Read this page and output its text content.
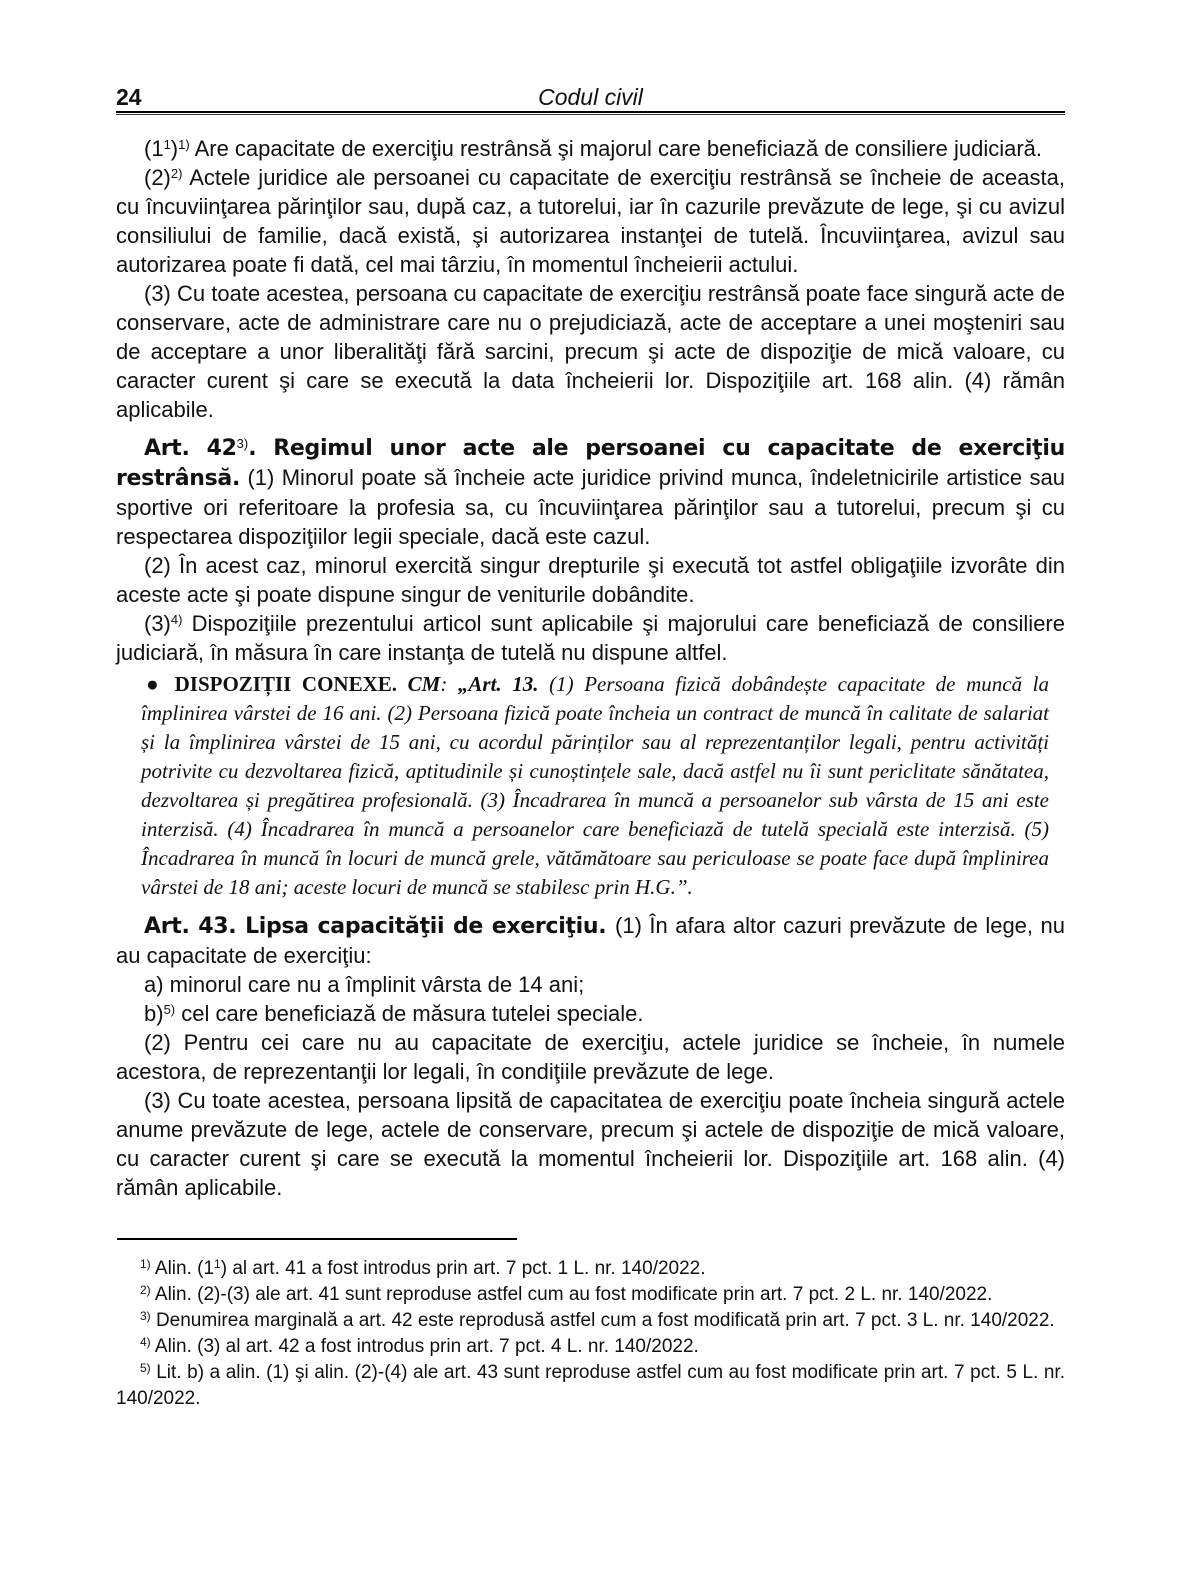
24	Codul civil

$(1^1)^{1)}$ Are capacitate de exerciţiu restrânsă şi majorul care beneficiază de consiliere judiciară.

$(2)^{2)}$ Actele juridice ale persoanei cu capacitate de exerciţiu restrânsă se încheie de aceasta, cu încuviinţarea părinţilor sau, după caz, a tutorelui, iar în cazurile prevăzute de lege, şi cu avizul consiliului de familie, dacă există, şi autorizarea instanţei de tutelă. Încuviinţarea, avizul sau autorizarea poate fi dată, cel mai târziu, în momentul încheierii actului.

(3) Cu toate acestea, persoana cu capacitate de exerciţiu restrânsă poate face singură acte de conservare, acte de administrare care nu o prejudiciază, acte de acceptare a unei moşteniri sau de acceptare a unor liberalităţi fără sarcini, precum şi acte de dispoziţie de mică valoare, cu caracter curent şi care se execută la data încheierii lor. Dispoziţiile art. 168 alin. (4) rămân aplicabile.

Art. 42$^{3)}$. Regimul unor acte ale persoanei cu capacitate de exerciţiu restrânsă. (1) Minorul poate să încheie acte juridice privind munca, îndeletnicirile artistice sau sportive ori referitoare la profesia sa, cu încuviinţarea părinţilor sau a tutorelui, precum şi cu respectarea dispoziţiilor legii speciale, dacă este cazul.

(2) În acest caz, minorul exercită singur drepturile şi execută tot astfel obligaţiile izvorâte din aceste acte şi poate dispune singur de veniturile dobândite.

$(3)^{4)}$ Dispoziţiile prezentului articol sunt aplicabile şi majorului care beneficiază de consiliere judiciară, în măsura în care instanţa de tutelă nu dispune altfel.

● DISPOZIȚII CONEXE. CM: „Art. 13. (1) Persoana fizică dobândește capacitate de muncă la împlinirea vârstei de 16 ani. (2) Persoana fizică poate încheia un contract de muncă în calitate de salariat și la împlinirea vârstei de 15 ani, cu acordul părinților sau al reprezentanților legali, pentru activități potrivite cu dezvoltarea fizică, aptitudinile și cunoștințele sale, dacă astfel nu îi sunt periclitate sănătatea, dezvoltarea și pregătirea profesională. (3) Încadrarea în muncă a persoanelor sub vârsta de 15 ani este interzisă. (4) Încadrarea în muncă a persoanelor care beneficiază de tutelă specială este interzisă. (5) Încadrarea în muncă în locuri de muncă grele, vătămătoare sau periculoase se poate face după împlinirea vârstei de 18 ani; aceste locuri de muncă se stabilesc prin H.G.”.

Art. 43. Lipsa capacităţii de exerciţiu. (1) În afara altor cazuri prevăzute de lege, nu au capacitate de exerciţiu:

a) minorul care nu a împlinit vârsta de 14 ani;

b)$^{5)}$ cel care beneficiază de măsura tutelei speciale.

(2) Pentru cei care nu au capacitate de exerciţiu, actele juridice se încheie, în numele acestora, de reprezentanţii lor legali, în condiţiile prevăzute de lege.

(3) Cu toate acestea, persoana lipsită de capacitatea de exerciţiu poate încheia singură actele anume prevăzute de lege, actele de conservare, precum şi actele de dispoziţie de mică valoare, cu caracter curent şi care se execută la momentul încheierii lor. Dispoziţiile art. 168 alin. (4) rămân aplicabile.

$^{1)}$ Alin. $(1^1)$ al art. 41 a fost introdus prin art. 7 pct. 1 L. nr. 140/2022.

$^{2)}$ Alin. (2)-(3) ale art. 41 sunt reproduse astfel cum au fost modificate prin art. 7 pct. 2 L. nr. 140/2022.

$^{3)}$ Denumirea marginală a art. 42 este reprodusă astfel cum a fost modificată prin art. 7 pct. 3 L. nr. 140/2022.

$^{4)}$ Alin. (3) al art. 42 a fost introdus prin art. 7 pct. 4 L. nr. 140/2022.

$^{5)}$ Lit. b) a alin. (1) şi alin. (2)-(4) ale art. 43 sunt reproduse astfel cum au fost modificate prin art. 7 pct. 5 L. nr. 140/2022.
